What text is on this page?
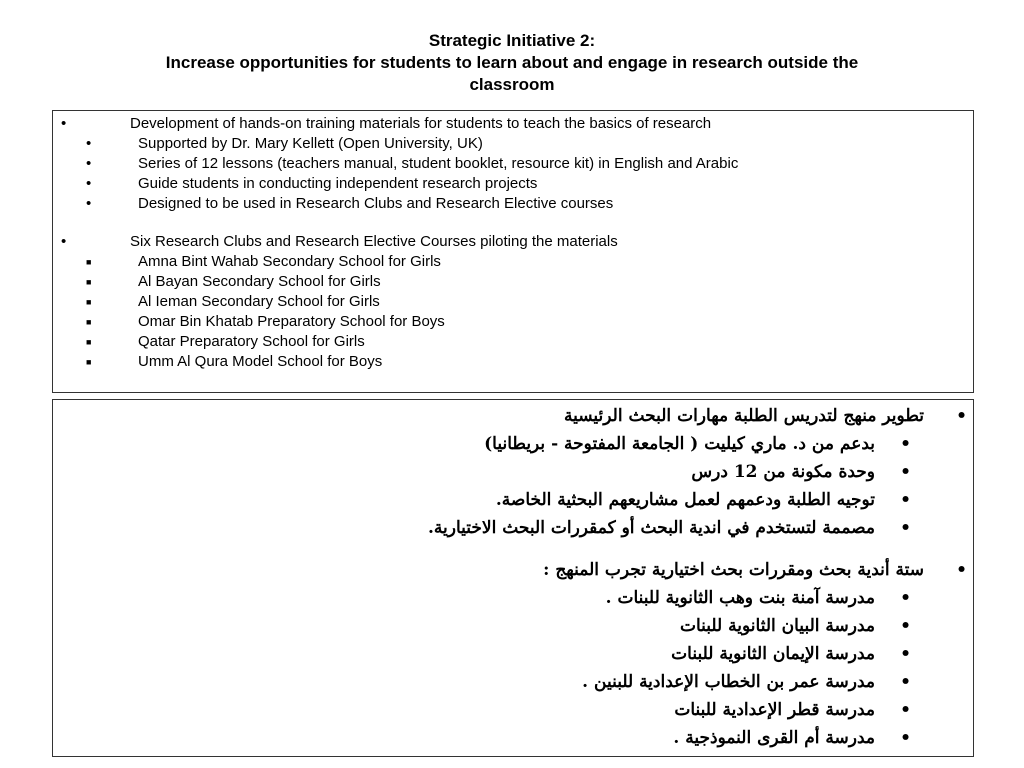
Strategic Initiative 2:
Increase opportunities for students to learn about and engage in research outside the
classroom
•	Development of hands-on training materials for students to teach the basics of research
•	Supported by Dr. Mary Kellett (Open University, UK)
•	Series of 12 lessons (teachers manual, student booklet, resource kit) in English and Arabic
•	Guide students in conducting independent research projects
•	Designed to be used in Research Clubs and Research Elective courses
•	Six Research Clubs and Research Elective Courses piloting the materials
■	Amna Bint Wahab Secondary School for Girls
■	Al Bayan Secondary School for Girls
■	Al Ieman Secondary School for Girls
■	Omar Bin Khatab Preparatory School for Boys
■	Qatar Preparatory School for Girls
■	Umm Al Qura Model School for Boys
•
تطوير منهج لتدريس الطلبة مهارات البحث الرئيسية
•
بدعم من د. ماري كيليت ( الجامعة المفتوحة - بريطانيا)
•
وحدة مكونة من 12 درس
•
توجيه الطلبة ودعمهم لعمل مشاريعهم البحثية الخاصة.
•
مصممة لتستخدم في اندية البحث أو كمقررات البحث الاختيارية.
•
ستة أندية بحث ومقررات بحث اختيارية تجرب المنهج :
•
مدرسة آمنة بنت وهب الثانوية للبنات .
•
مدرسة البيان الثانوية للبنات
•
مدرسة الإيمان الثانوية للبنات
•
مدرسة عمر بن الخطاب الإعدادية للبنين .
•
مدرسة قطر الإعدادية للبنات
•
مدرسة أم القرى النموذجية .
